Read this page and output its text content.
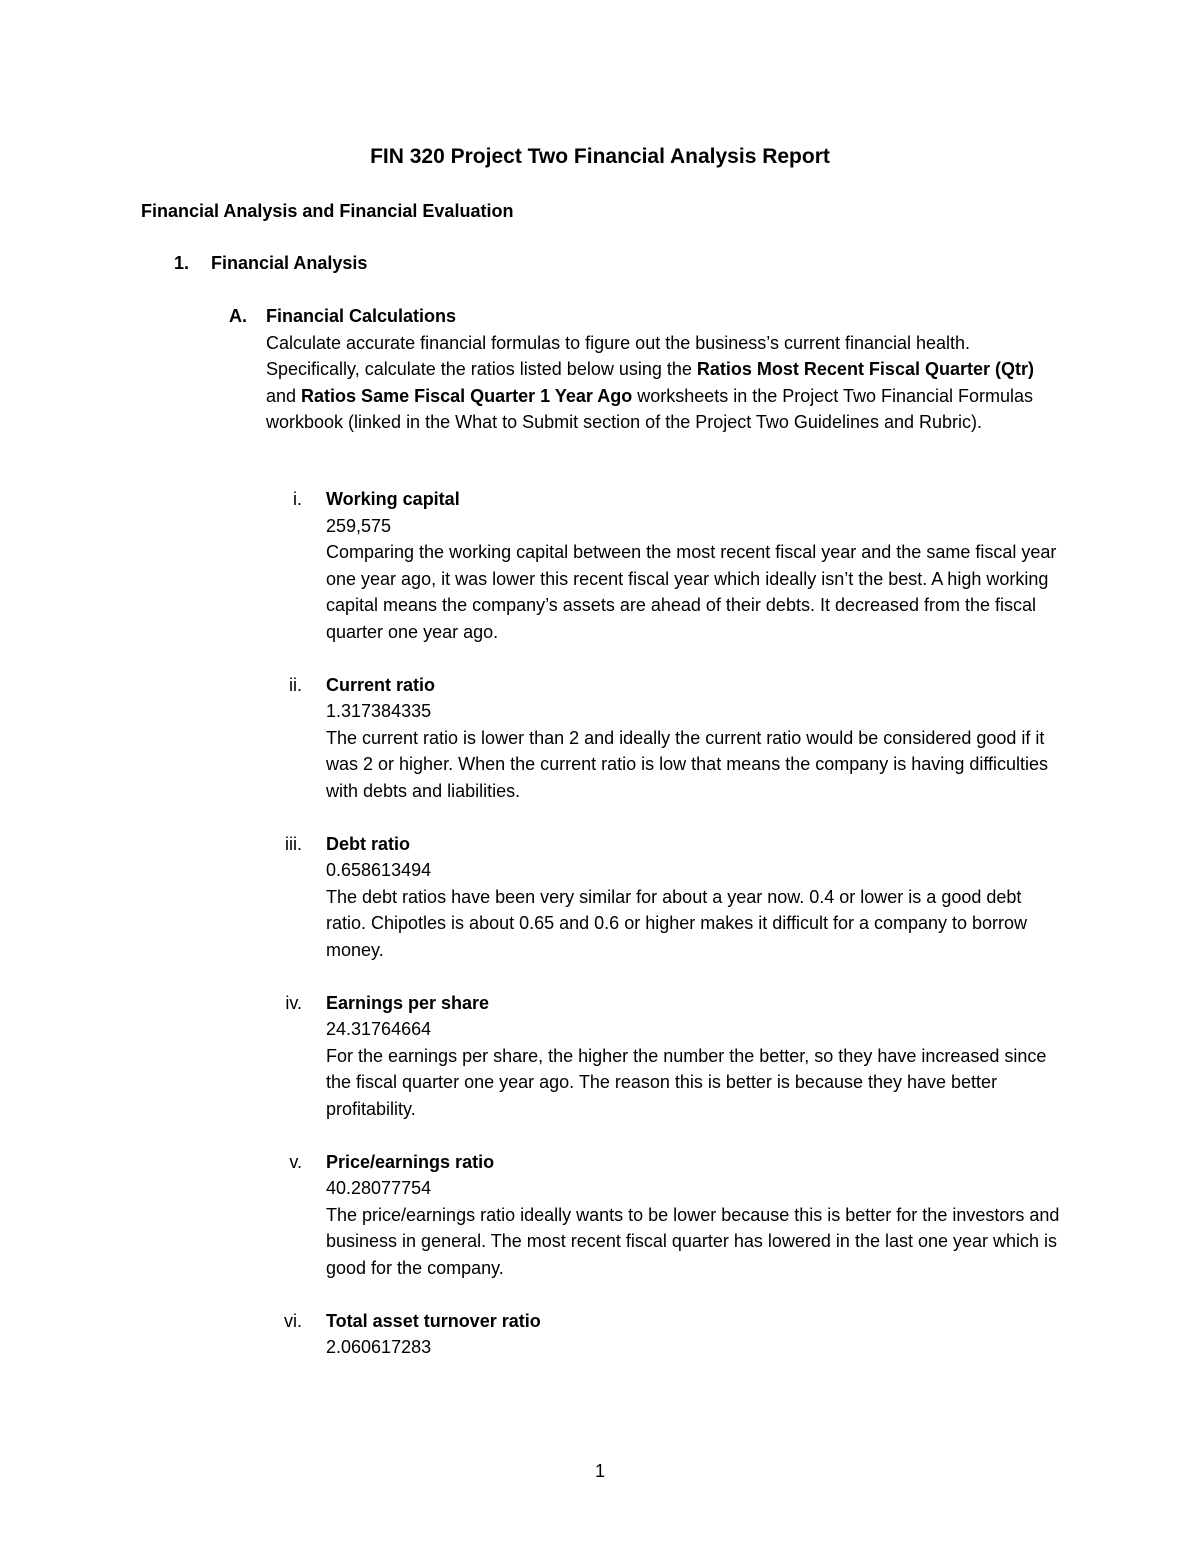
FIN 320 Project Two Financial Analysis Report
Financial Analysis and Financial Evaluation
1. Financial Analysis
A. Financial Calculations
Calculate accurate financial formulas to figure out the business’s current financial health. Specifically, calculate the ratios listed below using the Ratios Most Recent Fiscal Quarter (Qtr) and Ratios Same Fiscal Quarter 1 Year Ago worksheets in the Project Two Financial Formulas workbook (linked in the What to Submit section of the Project Two Guidelines and Rubric).
i. Working capital
259,575
Comparing the working capital between the most recent fiscal year and the same fiscal year one year ago, it was lower this recent fiscal year which ideally isn’t the best. A high working capital means the company’s assets are ahead of their debts. It decreased from the fiscal quarter one year ago.
ii. Current ratio
1.317384335
The current ratio is lower than 2 and ideally the current ratio would be considered good if it was 2 or higher. When the current ratio is low that means the company is having difficulties with debts and liabilities.
iii. Debt ratio
0.658613494
The debt ratios have been very similar for about a year now. 0.4 or lower is a good debt ratio. Chipotles is about 0.65 and 0.6 or higher makes it difficult for a company to borrow money.
iv. Earnings per share
24.31764664
For the earnings per share, the higher the number the better, so they have increased since the fiscal quarter one year ago. The reason this is better is because they have better profitability.
v. Price/earnings ratio
40.28077754
The price/earnings ratio ideally wants to be lower because this is better for the investors and business in general. The most recent fiscal quarter has lowered in the last one year which is good for the company.
vi. Total asset turnover ratio
2.060617283
1
